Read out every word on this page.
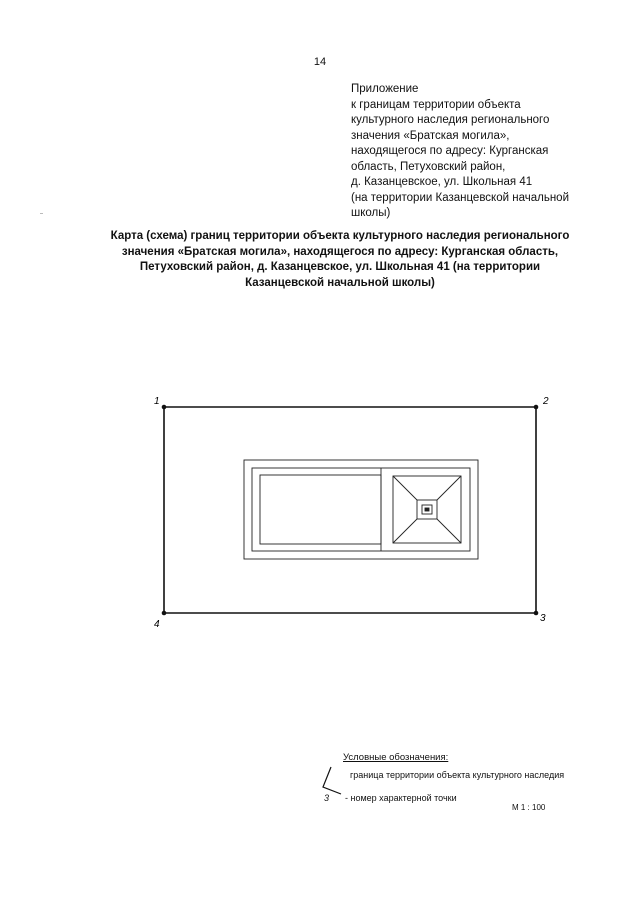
14
Приложение
к границам территории объекта
культурного наследия регионального
значения «Братская могила»,
находящегося по адресу: Курганская
область, Петуховский район,
д. Казанцевское, ул. Школьная 41
(на территории Казанцевской начальной
школы)
Карта (схема) границ территории объекта культурного наследия регионального
значения «Братская могила», находящегося по адресу: Курганская область,
Петуховский район, д. Казанцевское, ул. Школьная 41 (на территории
Казанцевской начальной школы)
1	2
3
4
Условные обозначения:
граница территории объекта культурного наследия
3 - номер характерной точки
М 1 : 100
